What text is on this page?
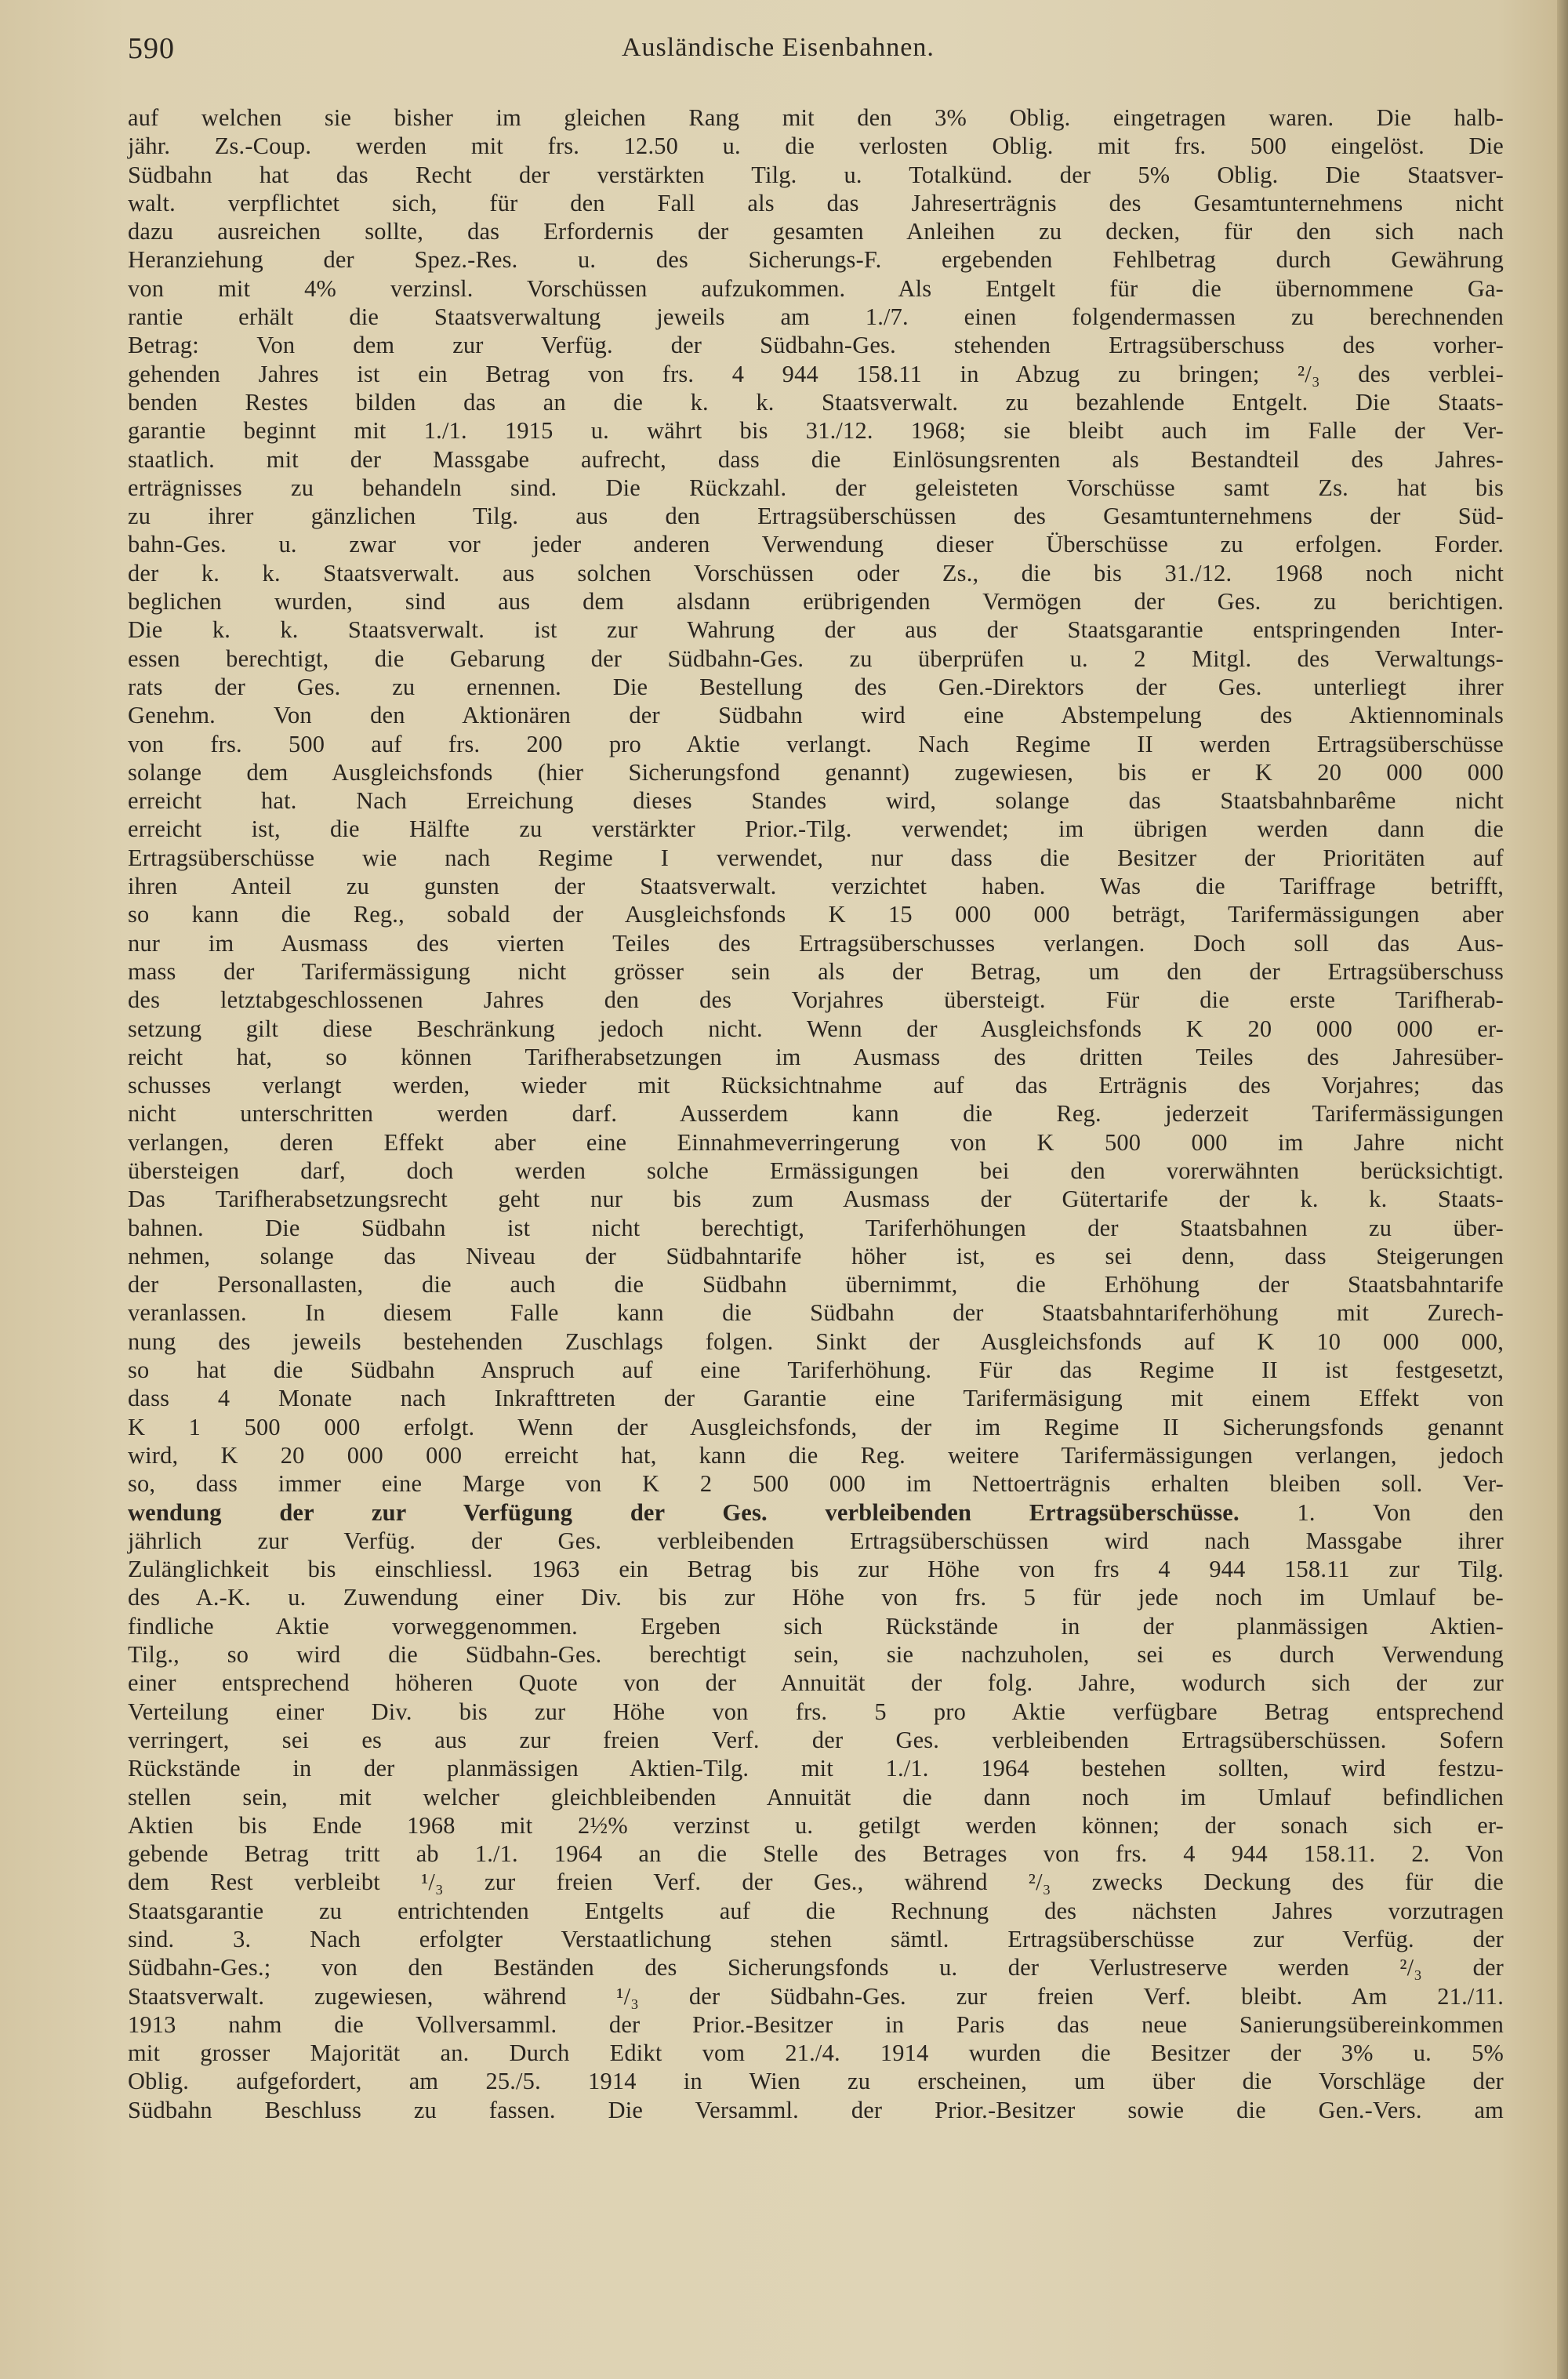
590	Ausländische Eisenbahnen.
auf welchen sie bisher im gleichen Rang mit den 3% Oblig. eingetragen waren. Die halb-
jähr. Zs.-Coup. werden mit frs. 12.50 u. die verlosten Oblig. mit frs. 500 eingelöst. Die
Südbahn hat das Recht der verstärkten Tilg. u. Totalkünd. der 5% Oblig. Die Staatsver-
walt. verpflichtet sich, für den Fall als das Jahreserträgnis des Gesamtunternehmens nicht
dazu ausreichen sollte, das Erfordernis der gesamten Anleihen zu decken, für den sich nach
Heranziehung der Spez.-Res. u. des Sicherungs-F. ergebenden Fehlbetrag durch Gewährung
von mit 4% verzinsl. Vorschüssen aufzukommen. Als Entgelt für die übernommene Ga-
rantie erhält die Staatsverwaltung jeweils am 1./7. einen folgendermassen zu berechnenden
Betrag: Von dem zur Verfüg. der Südbahn-Ges. stehenden Ertragsüberschuss des vorher-
gehenden Jahres ist ein Betrag von frs. 4 944 158.11 in Abzug zu bringen; ²/₃ des verblei-
benden Restes bilden das an die k. k. Staatsverwalt. zu bezahlende Entgelt. Die Staats-
garantie beginnt mit 1./1. 1915 u. währt bis 31./12. 1968; sie bleibt auch im Falle der Ver-
staatlich. mit der Massgabe aufrecht, dass die Einlösungsrenten als Bestandteil des Jahres-
erträgnisses zu behandeln sind. Die Rückzahl. der geleisteten Vorschüsse samt Zs. hat bis
zu ihrer gänzlichen Tilg. aus den Ertragsüberschüssen des Gesamtunternehmens der Süd-
bahn-Ges. u. zwar vor jeder anderen Verwendung dieser Überschüsse zu erfolgen. Forder.
der k. k. Staatsverwalt. aus solchen Vorschüssen oder Zs., die bis 31./12. 1968 noch nicht
beglichen wurden, sind aus dem alsdann erübrigenden Vermögen der Ges. zu berichtigen.
Die k. k. Staatsverwalt. ist zur Wahrung der aus der Staatsgarantie entspringenden Inter-
essen berechtigt, die Gebarung der Südbahn-Ges. zu überprüfen u. 2 Mitgl. des Verwaltungs-
rats der Ges. zu ernennen. Die Bestellung des Gen.-Direktors der Ges. unterliegt ihrer
Genehm. Von den Aktionären der Südbahn wird eine Abstempelung des Aktiennominals
von frs. 500 auf frs. 200 pro Aktie verlangt. Nach Regime II werden Ertragsüberschüsse
solange dem Ausgleichsfonds (hier Sicherungsfond genannt) zugewiesen, bis er K 20 000 000
erreicht hat. Nach Erreichung dieses Standes wird, solange das Staatsbahnbarême nicht
erreicht ist, die Hälfte zu verstärkter Prior.-Tilg. verwendet; im übrigen werden dann die
Ertragsüberschüsse wie nach Regime I verwendet, nur dass die Besitzer der Prioritäten auf
ihren Anteil zu gunsten der Staatsverwalt. verzichtet haben. Was die Tariffrage betrifft,
so kann die Reg., sobald der Ausgleichsfonds K 15 000 000 beträgt, Tarifermässigungen aber
nur im Ausmass des vierten Teiles des Ertragsüberschusses verlangen. Doch soll das Aus-
mass der Tarifermässigung nicht grösser sein als der Betrag, um den der Ertragsüberschuss
des letztabgeschlossenen Jahres den des Vorjahres übersteigt. Für die erste Tarifherab-
setzung gilt diese Beschränkung jedoch nicht. Wenn der Ausgleichsfonds K 20 000 000 er-
reicht hat, so können Tarifherabsetzungen im Ausmass des dritten Teiles des Jahresüber-
schusses verlangt werden, wieder mit Rücksichtnahme auf das Erträgnis des Vorjahres; das
nicht unterschritten werden darf. Ausserdem kann die Reg. jederzeit Tarifermässigungen
verlangen, deren Effekt aber eine Einnahmeverringerung von K 500 000 im Jahre nicht
übersteigen darf, doch werden solche Ermässigungen bei den vorerwähnten berücksichtigt.
Das Tarifherabsetzungsrecht geht nur bis zum Ausmass der Gütertarife der k. k. Staats-
bahnen. Die Südbahn ist nicht berechtigt, Tariferhöhungen der Staatsbahnen zu über-
nehmen, solange das Niveau der Südbahntarife höher ist, es sei denn, dass Steigerungen
der Personallasten, die auch die Südbahn übernimmt, die Erhöhung der Staatsbahntarife
veranlassen. In diesem Falle kann die Südbahn der Staatsbahntariferhöhung mit Zurech-
nung des jeweils bestehenden Zuschlags folgen. Sinkt der Ausgleichsfonds auf K 10 000 000,
so hat die Südbahn Anspruch auf eine Tariferhöhung. Für das Regime II ist festgesetzt,
dass 4 Monate nach Inkrafttreten der Garantie eine Tarifermäsigung mit einem Effekt von
K 1 500 000 erfolgt. Wenn der Ausgleichsfonds, der im Regime II Sicherungsfonds genannt
wird, K 20 000 000 erreicht hat, kann die Reg. weitere Tarifermässigungen verlangen, jedoch
so, dass immer eine Marge von K 2 500 000 im Nettoerträgnis erhalten bleiben soll. Ver-
wendung der zur Verfügung der Ges. verbleibenden Ertragsüberschüsse. 1. Von den
jährlich zur Verfüg. der Ges. verbleibenden Ertragsüberschüssen wird nach Massgabe ihrer
Zulänglichkeit bis einschliessl. 1963 ein Betrag bis zur Höhe von frs 4 944 158.11 zur Tilg.
des A.-K. u. Zuwendung einer Div. bis zur Höhe von frs. 5 für jede noch im Umlauf be-
findliche Aktie vorweggenommen. Ergeben sich Rückstände in der planmässigen Aktien-
Tilg., so wird die Südbahn-Ges. berechtigt sein, sie nachzuholen, sei es durch Verwendung
einer entsprechend höheren Quote von der Annuität der folg. Jahre, wodurch sich der zur
Verteilung einer Div. bis zur Höhe von frs. 5 pro Aktie verfügbare Betrag entsprechend
verringert, sei es aus zur freien Verf. der Ges. verbleibenden Ertragsüberschüssen. Sofern
Rückstände in der planmässigen Aktien-Tilg. mit 1./1. 1964 bestehen sollten, wird festzu-
stellen sein, mit welcher gleichbleibenden Annuität die dann noch im Umlauf befindlichen
Aktien bis Ende 1968 mit 2½% verzinst u. getilgt werden können; der sonach sich er-
gebende Betrag tritt ab 1./1. 1964 an die Stelle des Betrages von frs. 4 944 158.11. 2. Von
dem Rest verbleibt ¹/₃ zur freien Verf. der Ges., während ²/₃ zwecks Deckung des für die
Staatsgarantie zu entrichtenden Entgelts auf die Rechnung des nächsten Jahres vorzutragen
sind. 3. Nach erfolgter Verstaatlichung stehen sämtl. Ertragsüberschüsse zur Verfüg. der
Südbahn-Ges.; von den Beständen des Sicherungsfonds u. der Verlustreserve werden ²/₃ der
Staatsverwalt. zugewiesen, während ¹/₃ der Südbahn-Ges. zur freien Verf. bleibt. Am 21./11.
1913 nahm die Vollversamml. der Prior.-Besitzer in Paris das neue Sanierungsübereinkommen
mit grosser Majorität an. Durch Edikt vom 21./4. 1914 wurden die Besitzer der 3% u. 5%
Oblig. aufgefordert, am 25./5. 1914 in Wien zu erscheinen, um über die Vorschläge der
Südbahn Beschluss zu fassen. Die Versamml. der Prior.-Besitzer sowie die Gen.-Vers. am
